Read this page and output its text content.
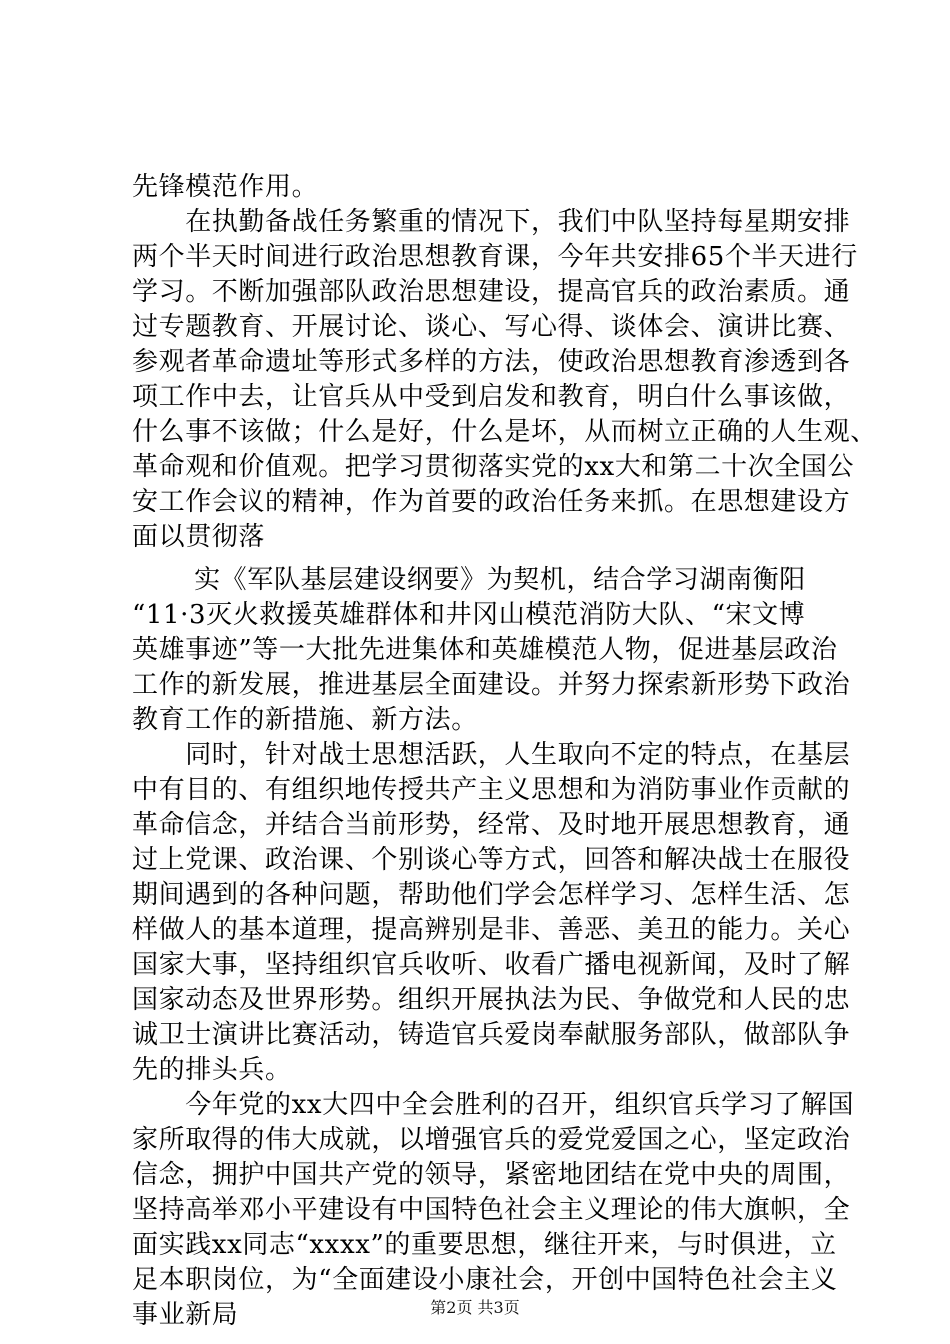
先锋模范作用。
　　在执勤备战任务繁重的情况下，我们中队坚持每星期安排
两个半天时间进行政治思想教育课，今年共安排65个半天进行
学习。不断加强部队政治思想建设，提高官兵的政治素质。通
过专题教育、开展讨论、谈心、写心得、谈体会、演讲比赛、
参观者革命遗址等形式多样的方法，使政治思想教育渗透到各
项工作中去，让官兵从中受到启发和教育，明白什么事该做，
什么事不该做；什么是好，什么是坏，从而树立正确的人生观、
革命观和价值观。把学习贯彻落实党的xx大和第二十次全国公
安工作会议的精神，作为首要的政治任务来抓。在思想建设方
面以贯彻落
　　 实《军队基层建设纲要》为契机，结合学习湖南衡阳
“11·3灭火救援英雄群体和井冈山模范消防大队、“宋文博
英雄事迹”等一大批先进集体和英雄模范人物，促进基层政治
工作的新发展，推进基层全面建设。并努力探索新形势下政治
教育工作的新措施、新方法。
　　同时，针对战士思想活跃，人生取向不定的特点，在基层
中有目的、有组织地传授共产主义思想和为消防事业作贡献的
革命信念，并结合当前形势，经常、及时地开展思想教育，通
过上党课、政治课、个别谈心等方式，回答和解决战士在服役
期间遇到的各种问题，帮助他们学会怎样学习、怎样生活、怎
样做人的基本道理，提高辨别是非、善恶、美丑的能力。关心
国家大事，坚持组织官兵收听、收看广播电视新闻，及时了解
国家动态及世界形势。组织开展执法为民、争做党和人民的忠
诚卫士演讲比赛活动，铸造官兵爱岗奉献服务部队，做部队争
先的排头兵。
　　今年党的xx大四中全会胜利的召开，组织官兵学习了解国
家所取得的伟大成就，以增强官兵的爱党爱国之心，坚定政治
信念，拥护中国共产党的领导，紧密地团结在党中央的周围，
坚持高举邓小平建设有中国特色社会主义理论的伟大旗帜，全
面实践xx同志“xxxx”的重要思想，继往开来，与时俱进，立
足本职岗位，为“全面建设小康社会，开创中国特色社会主义
事业新局	第2页 共3页
